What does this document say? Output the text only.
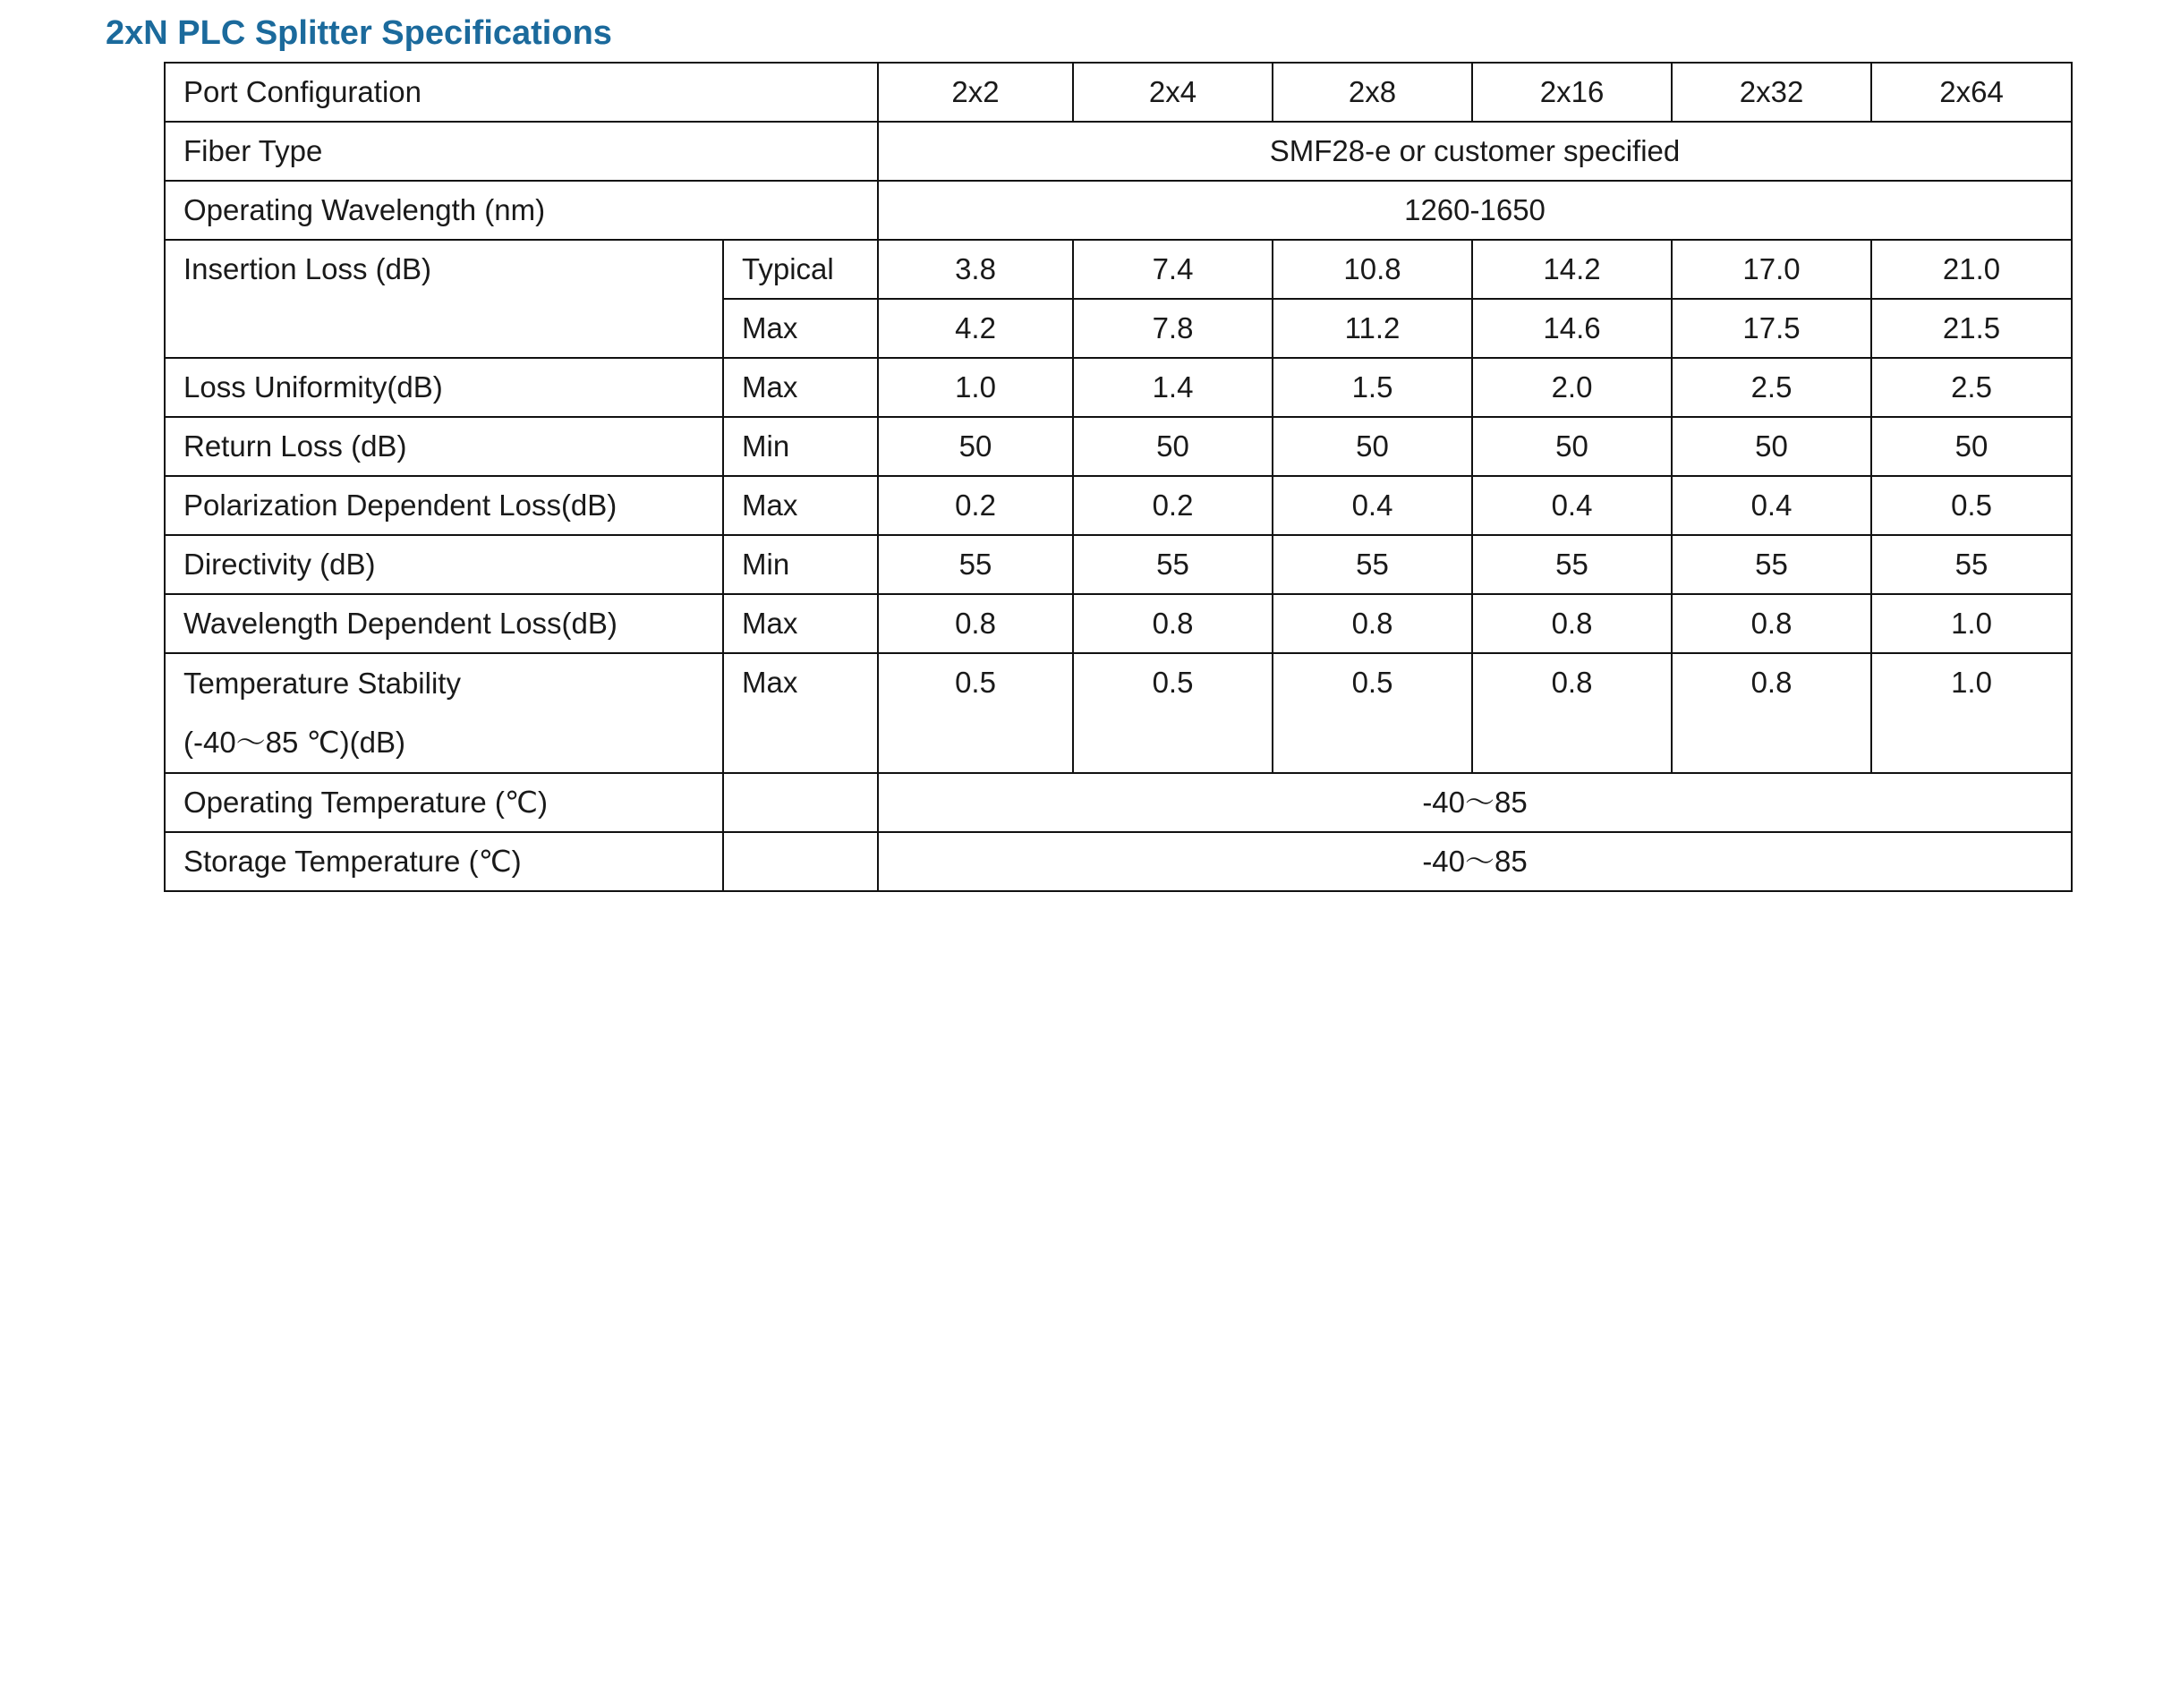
2xN PLC Splitter Specifications
Port Configuration		2x2	2x4	2x8	2x16	2x32	2x64
Fiber Type		SMF28-e or customer specified					
Operating Wavelength (nm)		1260-1650					
Insertion Loss (dB)	Typical	3.8	7.4	10.8	14.2	17.0	21.0
	Max	4.2	7.8	11.2	14.6	17.5	21.5
Loss Uniformity(dB)	Max	1.0	1.4	1.5	2.0	2.5	2.5
Return Loss (dB)	Min	50	50	50	50	50	50
Polarization Dependent Loss(dB)	Max	0.2	0.2	0.4	0.4	0.4	0.5
Directivity (dB)	Min	55	55	55	55	55	55
Wavelength Dependent Loss(dB)	Max	0.8	0.8	0.8	0.8	0.8	1.0

Temperature Stability
(-40～85 ℃)(dB)	Max	0.5	0.5	0.5	0.8	0.8	1.0
Operating Temperature (℃)		-40～85					
Storage Temperature (℃)		-40～85					
